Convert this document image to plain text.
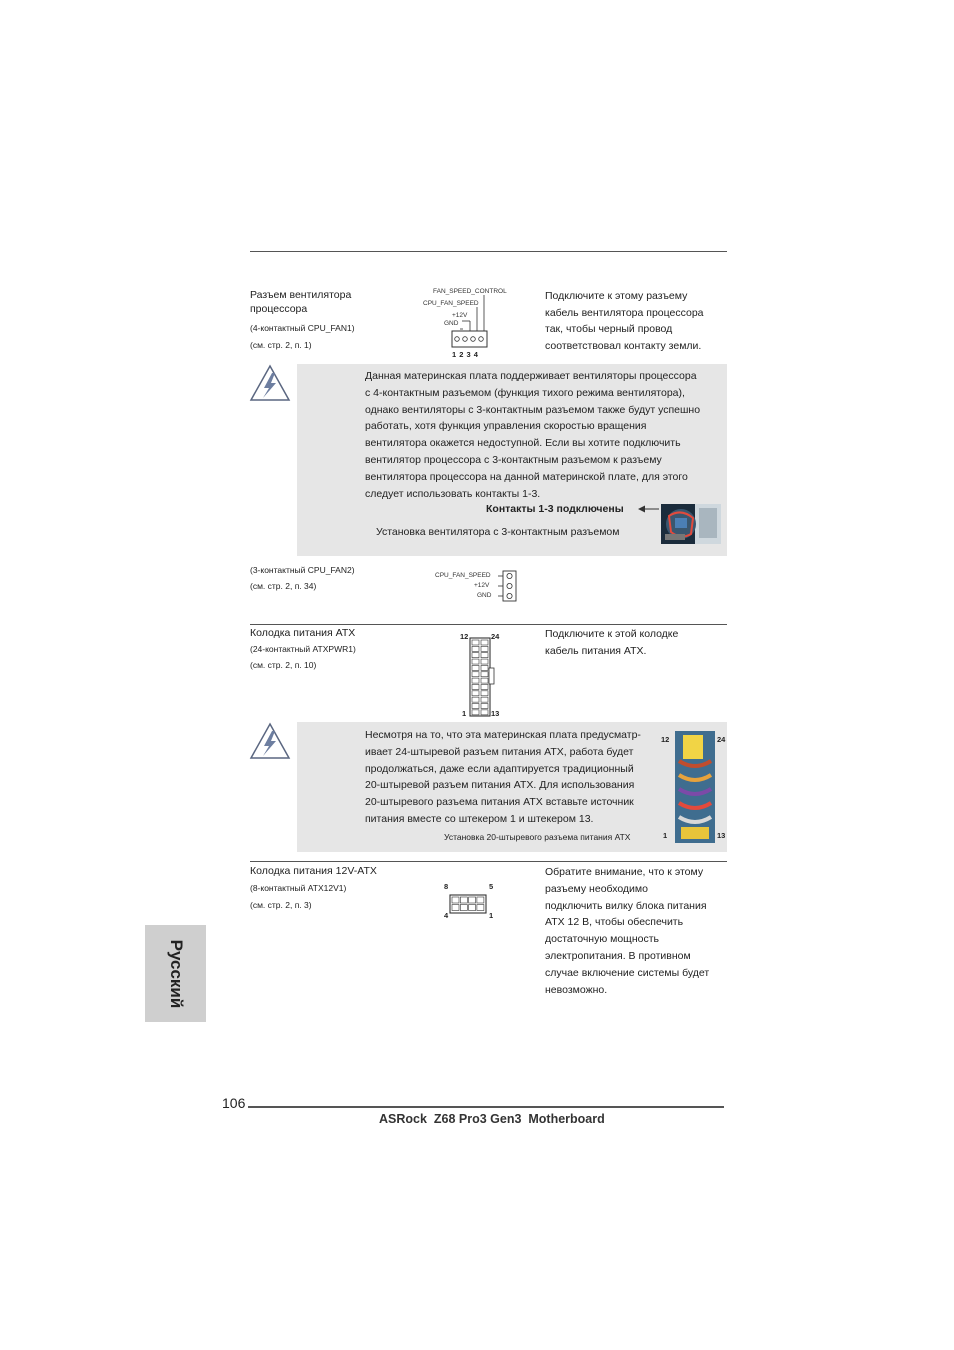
Разъем вентилятора
процессора
(4-контактный CPU_FAN1)
(см. стр. 2, п. 1)
FAN_SPEED_CONTROL
CPU_FAN_SPEED
+12V
GND
1 2 3 4
Подключите к этому разъему
кабель вентилятора процессора
так, чтобы черный провод
соответствовал контакту земли.

Данная материнская плата поддерживает вентиляторы процессора

с 4-контактным разъемом (функция тихого режима вентилятора),

однако вентиляторы с 3-контактным разъемом также будут успешно

работать, хотя функция управления скоростью вращения

вентилятора окажется недоступной. Если вы хотите подключить

вентилятор процессора с 3-контактным разъемом к разъему

вентилятора процессора на данной материнской плате, для этого

следует использовать контакты 1-3.

Контакты 1-3 подключены
Установка вентилятора с 3-контактным разъемом
(3-контактный CPU_FAN2)
(см. стр. 2, п. 34)
CPU_FAN_SPEED
+12V
GND
Колодка питания ATX
(24-контактный ATXPWR1)
(см. стр. 2, п. 10)
12	24
1	13
Подключите к этой колодке
кабель питания ATX.

Несмотря на то, что эта материнская плата предусматр-

ивает 24-штыревой разъем питания ATX, работа будет

продолжаться, даже если адаптируется традиционный

20-штыревой разъем питания ATX. Для использования

20-штыревого разъема питания ATX вставьте источник

питания вместе со штекером 1 и штекером 13.

Установка 20-штыревого разъема питания ATX
12	24
1	13
Колодка питания 12V-ATX
(8-контактный ATX12V1)
(см. стр. 2, п. 3)
8	5
4	1
Обратите внимание, что к этому
разъему необходимо
подключить вилку блока питания
ATX 12 В, чтобы обеспечить
достаточную мощность
электропитания. В противном
случае включение системы будет
невозможно.
Русский
106
ASRock  Z68 Pro3 Gen3  Motherboard
